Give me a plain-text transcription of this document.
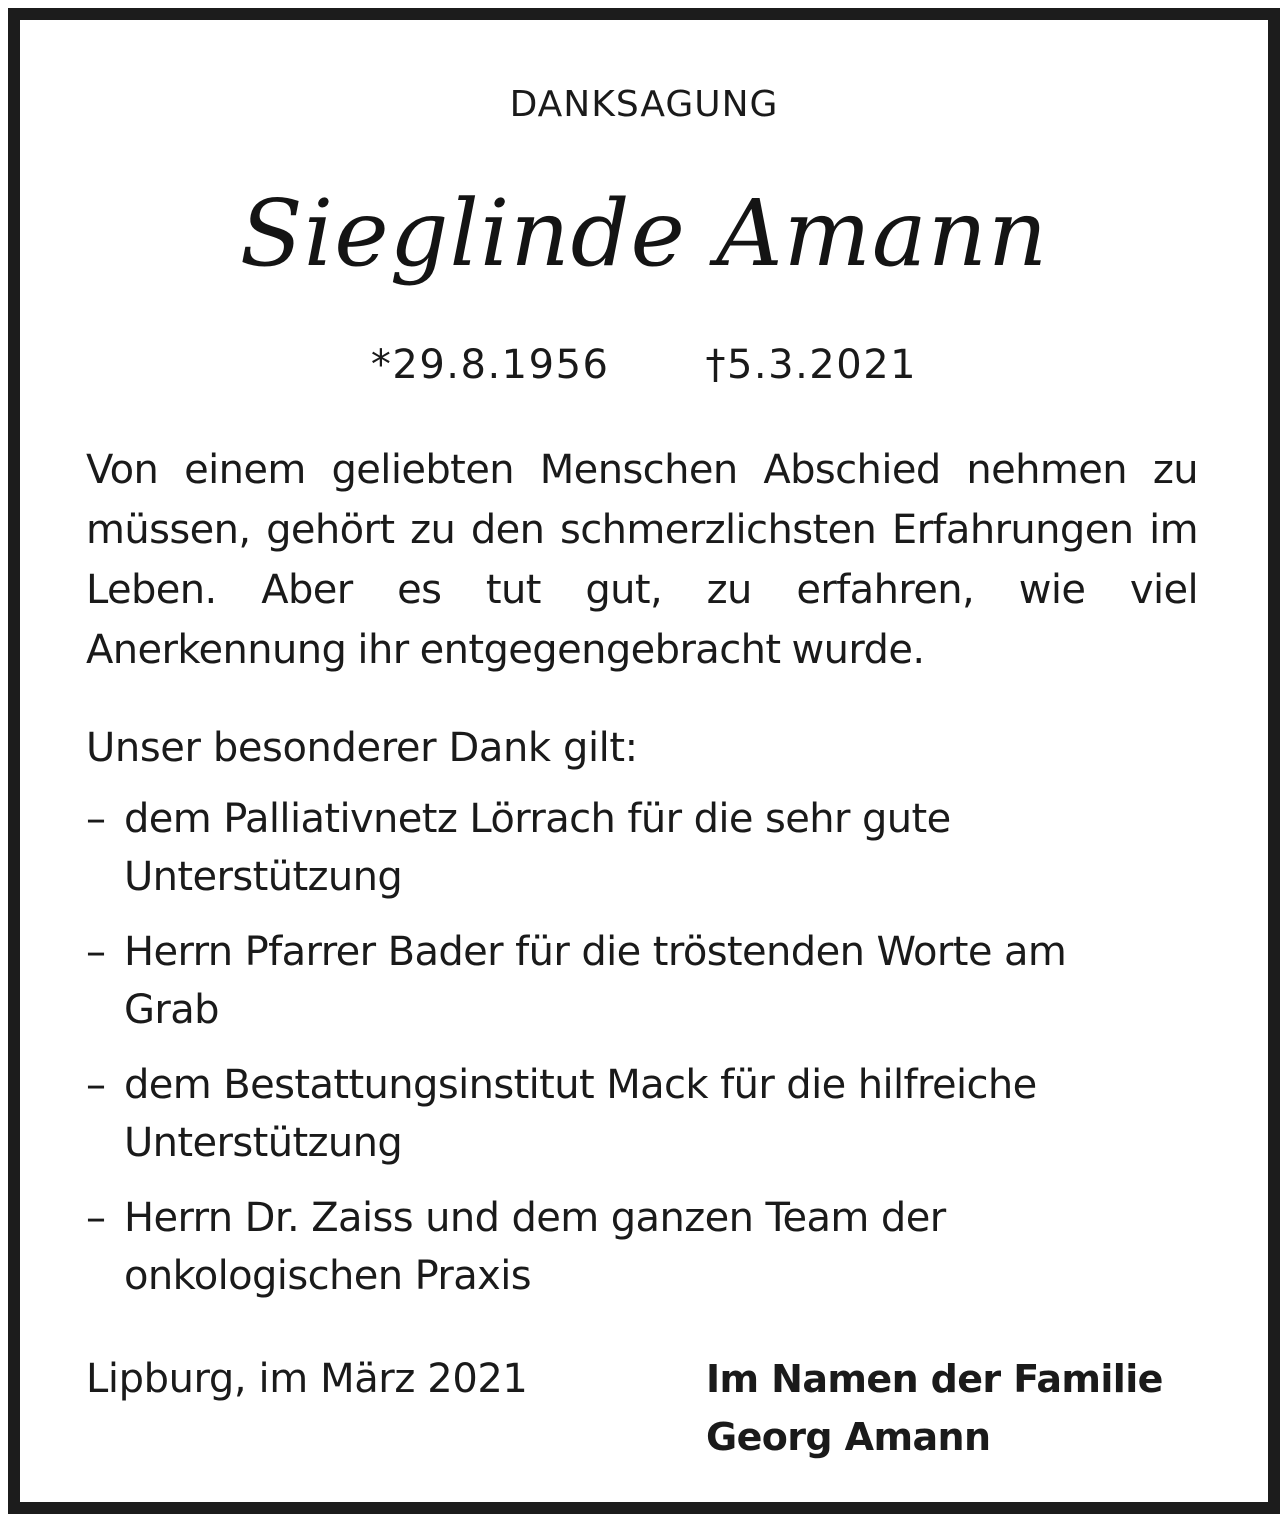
DANKSAGUNG
Sieglinde Amann
*29.8.1956 †5.3.2021
Von einem geliebten Menschen Abschied nehmen zu müssen, gehört zu den schmerzlichsten Erfahrungen im Leben. Aber es tut gut, zu erfahren, wie viel Anerkennung ihr entgegengebracht wurde.
Unser besonderer Dank gilt:
– dem Palliativnetz Lörrach für die sehr gute Unterstützung
– Herrn Pfarrer Bader für die tröstenden Worte am Grab
– dem Bestattungsinstitut Mack für die hilfreiche Unterstützung
– Herrn Dr. Zaiss und dem ganzen Team der onkologischen Praxis
Lipburg, im März 2021	Im Namen der Familie
Georg Amann
